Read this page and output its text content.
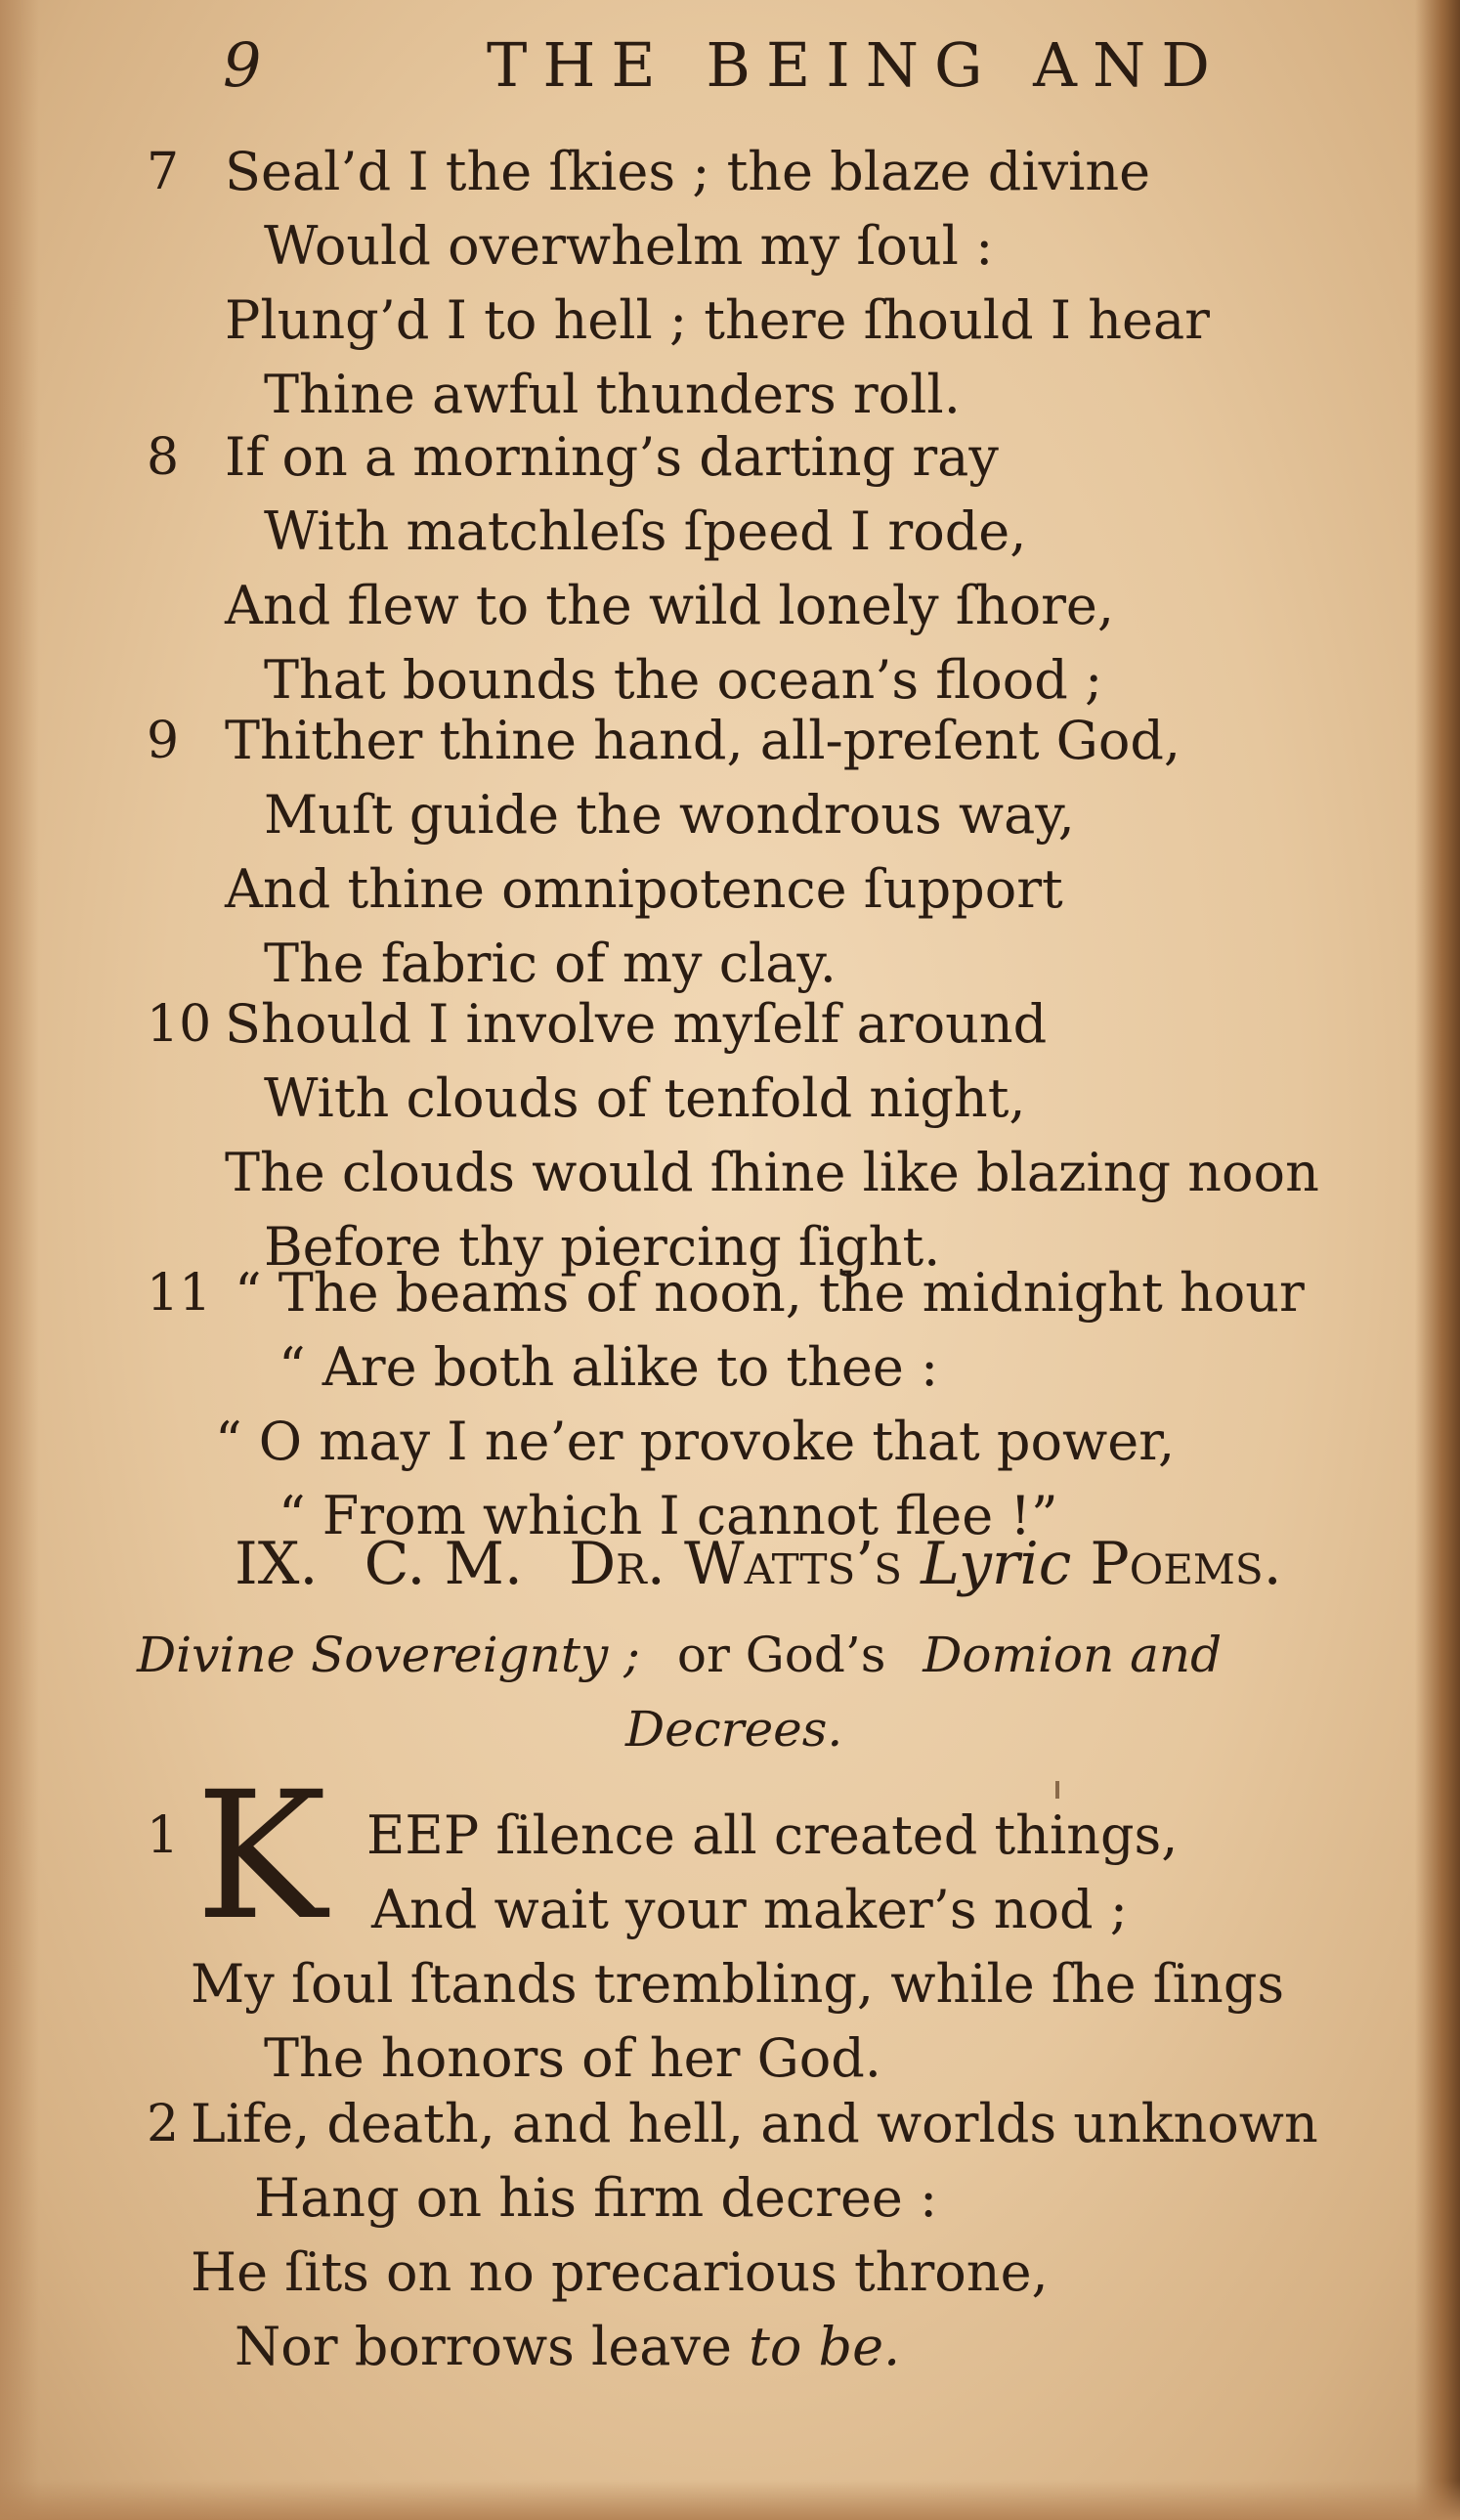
9	THE BEING AND
7 Seal’d I the ſkies ; the blaze divine
Would overwhelm my ſoul :
Plung’d I to hell ; there ſhould I hear
Thine awful thunders roll.
8 If on a morning’s darting ray
With matchleſs ſpeed I rode,
And flew to the wild lonely ſhore,
That bounds the ocean’s flood ;
9 Thither thine hand, all-preſent God,
Muſt guide the wondrous way,
And thine omnipotence ſupport
The fabric of my clay.
10 Should I involve myſelf around
With clouds of tenfold night,
The clouds would ſhine like blazing noon
Before thy piercing ſight.
11 “ The beams of noon, the midnight hour
“ Are both alike to thee :
“ O may I ne’er provoke that power,
“ From which I cannot flee !”
IX. C. M. Dr. Watts’s Lyric Poems.
Divine Sovereignty ; or God’s Domion and
Decrees.
K
1	EEP ſilence all created things,
And wait your maker’s nod ;
My ſoul ſtands trembling, while ſhe ſings
The honors of her God.
2 Life, death, and hell, and worlds unknown
Hang on his firm decree :
He ſits on no precarious throne,
Nor borrows leave to be.
